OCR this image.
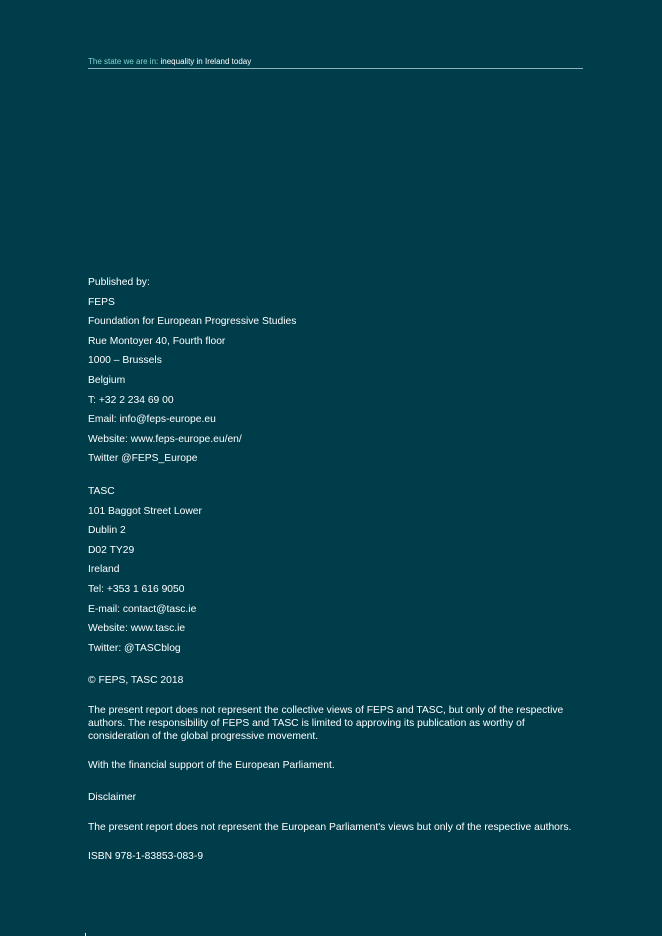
The state we are in: inequality in Ireland today
Published by:
FEPS
Foundation for European Progressive Studies
Rue Montoyer 40, Fourth floor
1000 – Brussels
Belgium
T: +32 2 234 69 00
Email: info@feps-europe.eu
Website: www.feps-europe.eu/en/
Twitter @FEPS_Europe
TASC
101 Baggot Street Lower
Dublin 2
D02 TY29
Ireland
Tel: +353 1 616 9050
E-mail: contact@tasc.ie
Website: www.tasc.ie
Twitter: @TASCblog
© FEPS, TASC 2018

The present report does not represent the collective views of FEPS and TASC, but only of the respective authors. The responsibility of FEPS and TASC is limited to approving its publication as worthy of consideration of the global progressive movement.

With the financial support of the European Parliament.
Disclaimer

The present report does not represent the European Parliament's views but only of the respective authors.

ISBN 978-1-83853-083-9
